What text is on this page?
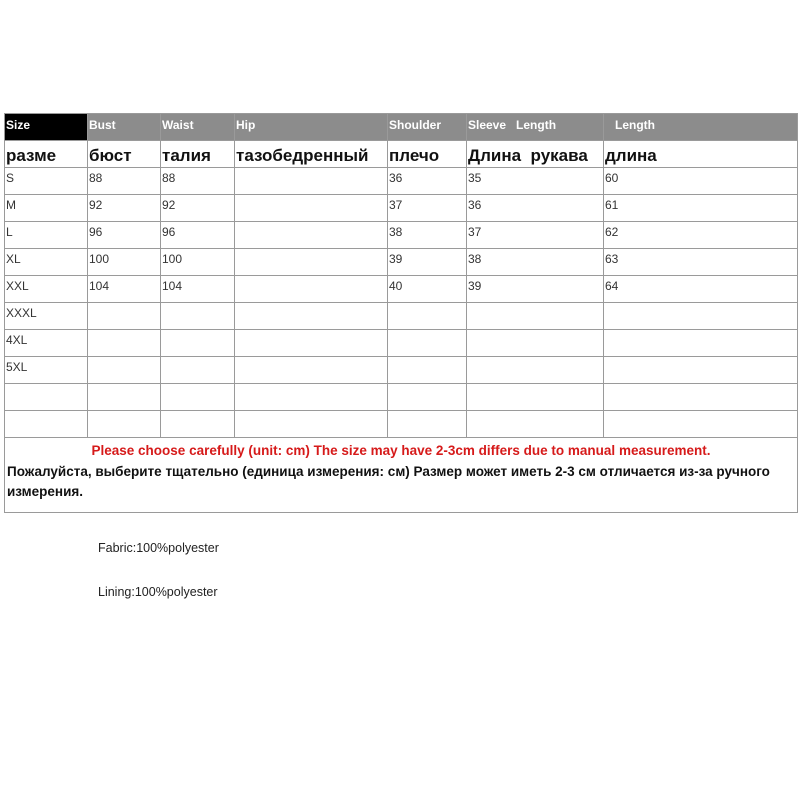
Size	Bust	Waist	Hip	Shoulder	Sleeve   Length	Length
разме	бюст	талия	тазобедренный	плечо	Длина  рукава	длина
S	88	88		36	35	60
M	92	92		37	36	61
L	96	96		38	37	62
XL	100	100		39	38	63
XXL	104	104		40	39	64
XXXL						
4XL						
5XL						

Please choose carefully (unit: cm) The size may have 2-3cm differs due to manual measurement.

Пожалуйста, выберите тщательно (единица измерения: см) Размер может иметь 2-3 см отличается из-за ручного измерения.						

Fabric:100%polyester
Lining:100%polyester
